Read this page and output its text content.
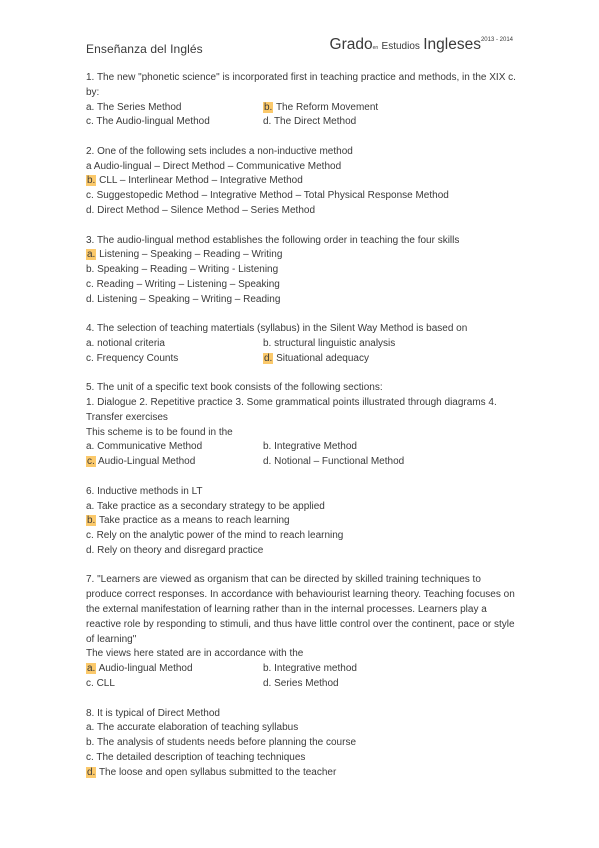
Enseñanza del Inglés	Gradoen Estudios Ingleses$^{2013 - 2014}$
1. The new "phonetic science" is incorporated first in teaching practice and methods, in the XIX c. by:
a. The Series Method	b. The Reform Movement
c. The Audio-lingual Method	d. The Direct Method
2. One of the following sets includes a non-inductive method
a Audio-lingual – Direct Method – Communicative Method
b. CLL – Interlinear Method – Integrative Method
c. Suggestopedic Method – Integrative Method – Total Physical Response Method
d. Direct Method – Silence Method – Series Method
3. The audio-lingual method establishes the following order in teaching the four skills
a. Listening – Speaking – Reading – Writing
b. Speaking – Reading – Writing - Listening
c. Reading – Writing – Listening – Speaking
d. Listening – Speaking – Writing – Reading
4. The selection of teaching matertials (syllabus) in the Silent Way Method is based on
a. notional criteria	b. structural linguistic analysis
c. Frequency Counts	d. Situational adequacy
5. The unit of a specific text book consists of the following sections:
1. Dialogue 2. Repetitive practice 3. Some grammatical points illustrated through diagrams 4. Transfer exercises
This scheme is to be found in the
a. Communicative Method	b. Integrative Method
c. Audio-Lingual Method	d. Notional – Functional Method
6. Inductive methods in LT
a. Take practice as a secondary strategy to be applied
b. Take practice as a means to reach learning
c. Rely on the analytic power of the mind to reach learning
d. Rely on theory and disregard practice
7. "Learners are viewed as organism that can be directed by skilled training techniques to produce correct responses. In accordance with behaviourist learning theory. Teaching focuses on the external manifestation of learning rather than in the internal processes. Learners play a reactive role by responding to stimuli, and thus have little control over the continent, pace or style of learning"
The views here stated are in accordance with the
a. Audio-lingual Method	b. Integrative method
c. CLL	d. Series Method
8. It is typical of Direct Method
a. The accurate elaboration of teaching syllabus
b. The analysis of students needs before planning the course
c. The detailed description of teaching techniques
d. The loose and open syllabus submitted to the teacher
